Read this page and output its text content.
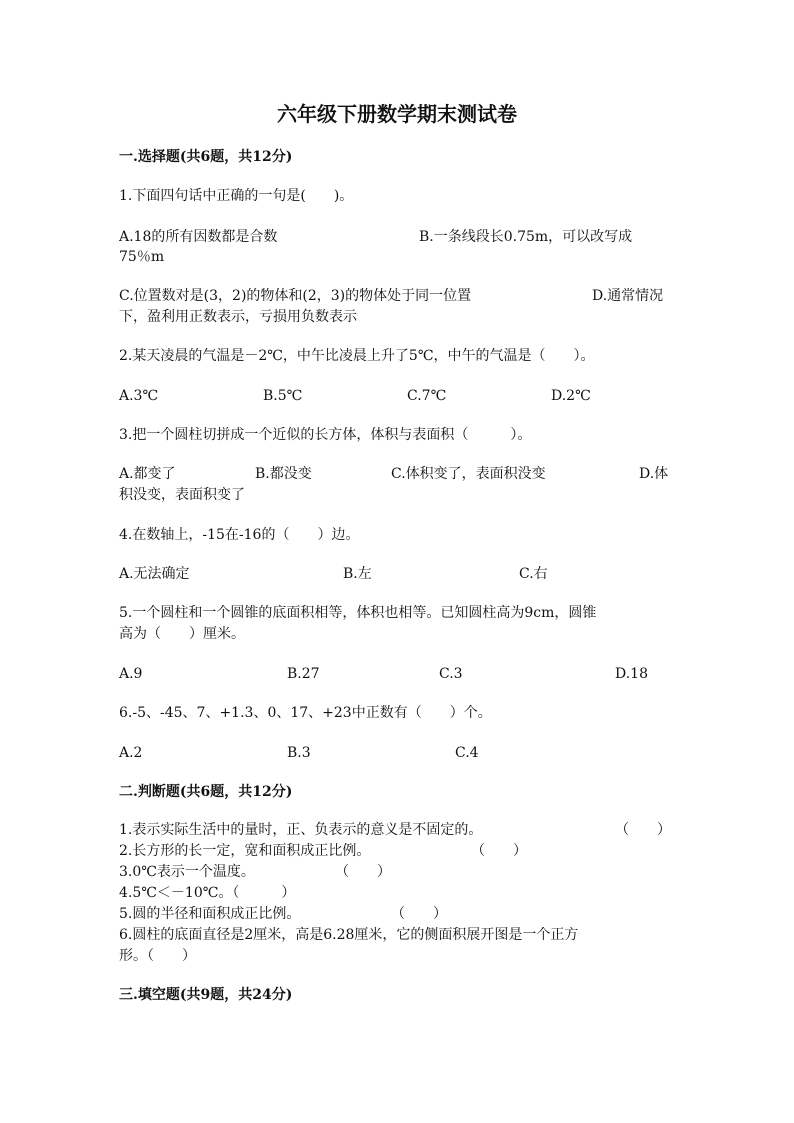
六年级下册数学期末测试卷
一.选择题(共6题，共12分)
1.下面四句话中正确的一句是(　　)。
A.18的所有因数都是合数	B.一条线段长0.75m，可以改写成
75％m
C.位置数对是(3，2)的物体和(2，3)的物体处于同一位置	D.通常情况
下，盈利用正数表示，亏损用负数表示
2.某天凌晨的气温是－2℃，中午比凌晨上升了5℃，中午的气温是（　　）。
A.3℃	B.5℃	C.7℃	D.2℃
3.把一个圆柱切拼成一个近似的长方体，体积与表面积（　　　）。
A.都变了	B.都没变	C.体积变了，表面积没变	D.体
积没变，表面积变了
4.在数轴上，-15在-16的（　　）边。
A.无法确定	B.左	C.右
5.一个圆柱和一个圆锥的底面积相等，体积也相等。已知圆柱高为9cm，圆锥
高为（　　）厘米。
A.9	B.27	C.3	D.18
6.-5、-45、7、+1.3、0、17、+23中正数有（　　）个。
A.2	B.3	C.4
二.判断题(共6题，共12分)
1.表示实际生活中的量时，正、负表示的意义是不固定的。	（　　）
2.长方形的长一定，宽和面积成正比例。	（　　）
3.0℃表示一个温度。	（　　）
4.5℃＜－10℃。（　　　）
5.圆的半径和面积成正比例。	（　　）
6.圆柱的底面直径是2厘米，高是6.28厘米，它的侧面积展开图是一个正方
形。（　　）
三.填空题(共9题，共24分)
